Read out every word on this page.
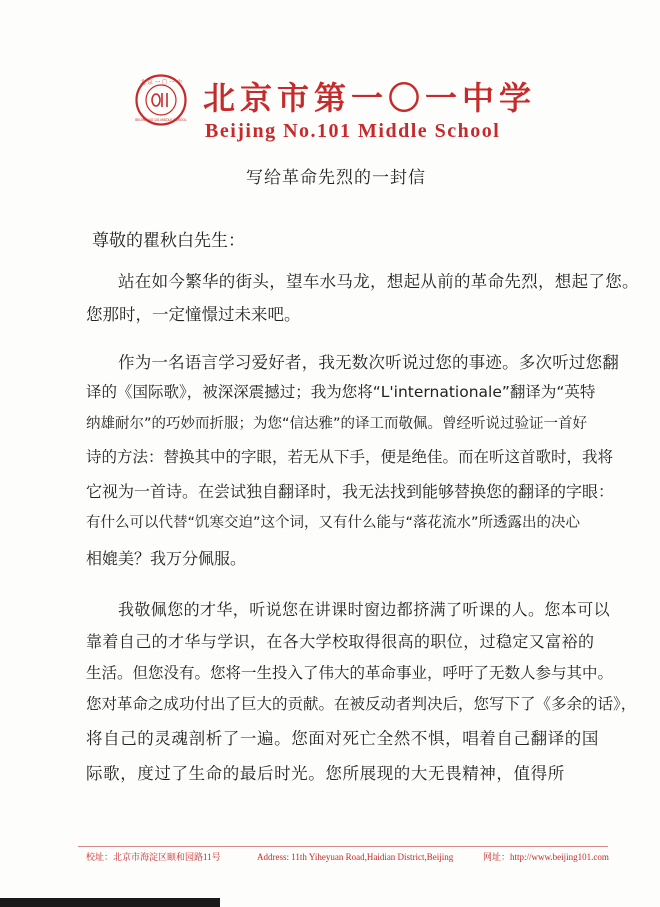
北 京 一 〇 一 中
BEIJING NO.101 MIDDLE SCHOOL
北京市第一〇一中学
Beijing No.101 Middle School
写给革命先烈的一封信
尊敬的瞿秋白先生：
站在如今繁华的街头，望车水马龙，想起从前的革命先烈，想起了您。
您那时，一定憧憬过未来吧。
作为一名语言学习爱好者，我无数次听说过您的事迹。多次听过您翻
译的《国际歌》，被深深震撼过；我为您将“L'internationale”翻译为“英特
纳雄耐尔”的巧妙而折服；为您“信达雅”的译工而敬佩。曾经听说过验证一首好
诗的方法：替换其中的字眼，若无从下手，便是绝佳。而在听这首歌时，我将
它视为一首诗。在尝试独自翻译时，我无法找到能够替换您的翻译的字眼：
有什么可以代替“饥寒交迫”这个词，又有什么能与“落花流水”所透露出的决心
相媲美？我万分佩服。
我敬佩您的才华，听说您在讲课时窗边都挤满了听课的人。您本可以
靠着自己的才华与学识，在各大学校取得很高的职位，过稳定又富裕的
生活。但您没有。您将一生投入了伟大的革命事业，呼吁了无数人参与其中。
您对革命之成功付出了巨大的贡献。在被反动者判决后，您写下了《多余的话》，
将自己的灵魂剖析了一遍。您面对死亡全然不惧，唱着自己翻译的国
际歌，度过了生命的最后时光。您所展现的大无畏精神，值得所
校址：北京市海淀区颐和园路11号	Address: 11th Yiheyuan Road,Haidian District,Beijing	网址：http://www.beijing101.com
